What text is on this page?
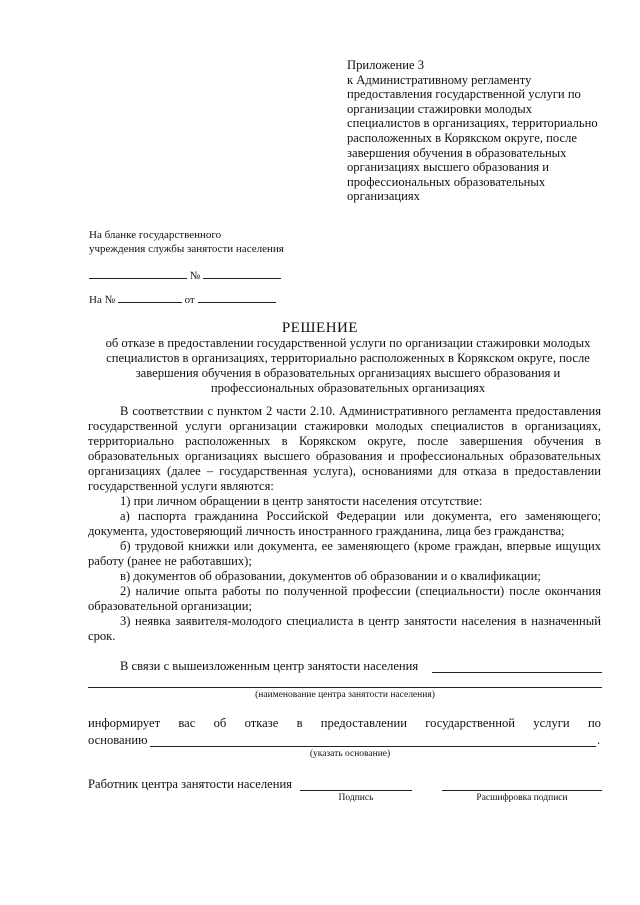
Приложение 3
к Административному регламенту
предоставления государственной услуги по
организации стажировки молодых
специалистов в организациях, территориально
расположенных в Корякском округе, после
завершения обучения в образовательных
организациях высшего образования и
профессиональных образовательных
организациях
На бланке государственного
учреждения службы занятости населения
№
На №	от
РЕШЕНИЕ
об отказе в предоставлении государственной услуги по организации стажировки молодых специалистов в организациях, территориально расположенных в Корякском округе, после завершения обучения в образовательных организациях высшего образования и профессиональных образовательных организациях

В соответствии с пунктом 2 части 2.10. Административного регламента предоставления государственной услуги организации стажировки молодых специалистов в организациях, территориально расположенных в Корякском округе, после завершения обучения в образовательных организациях высшего образования и профессиональных образовательных организациях (далее – государственная услуга), основаниями для отказа в предоставлении государственной услуги являются:

1) при личном обращении в центр занятости населения отсутствие:

а) паспорта гражданина Российской Федерации или документа, его заменяющего; документа, удостоверяющий личность иностранного гражданина, лица без гражданства;

б) трудовой книжки или документа, ее заменяющего (кроме граждан, впервые ищущих работу (ранее не работавших);

в) документов об образовании, документов об образовании и о квалификации;

2) наличие опыта работы по полученной профессии (специальности) после окончания образовательной организации;

3) неявка заявителя-молодого специалиста в центр занятости населения в назначенный срок.

В связи с вышеизложенным центр занятости населения
(наименование центра занятости населения)
информирует вас об отказе в предоставлении государственной услуги по
основанию	.
(указать основание)
Работник центра занятости населения
Подпись	Расшифровка подписи
